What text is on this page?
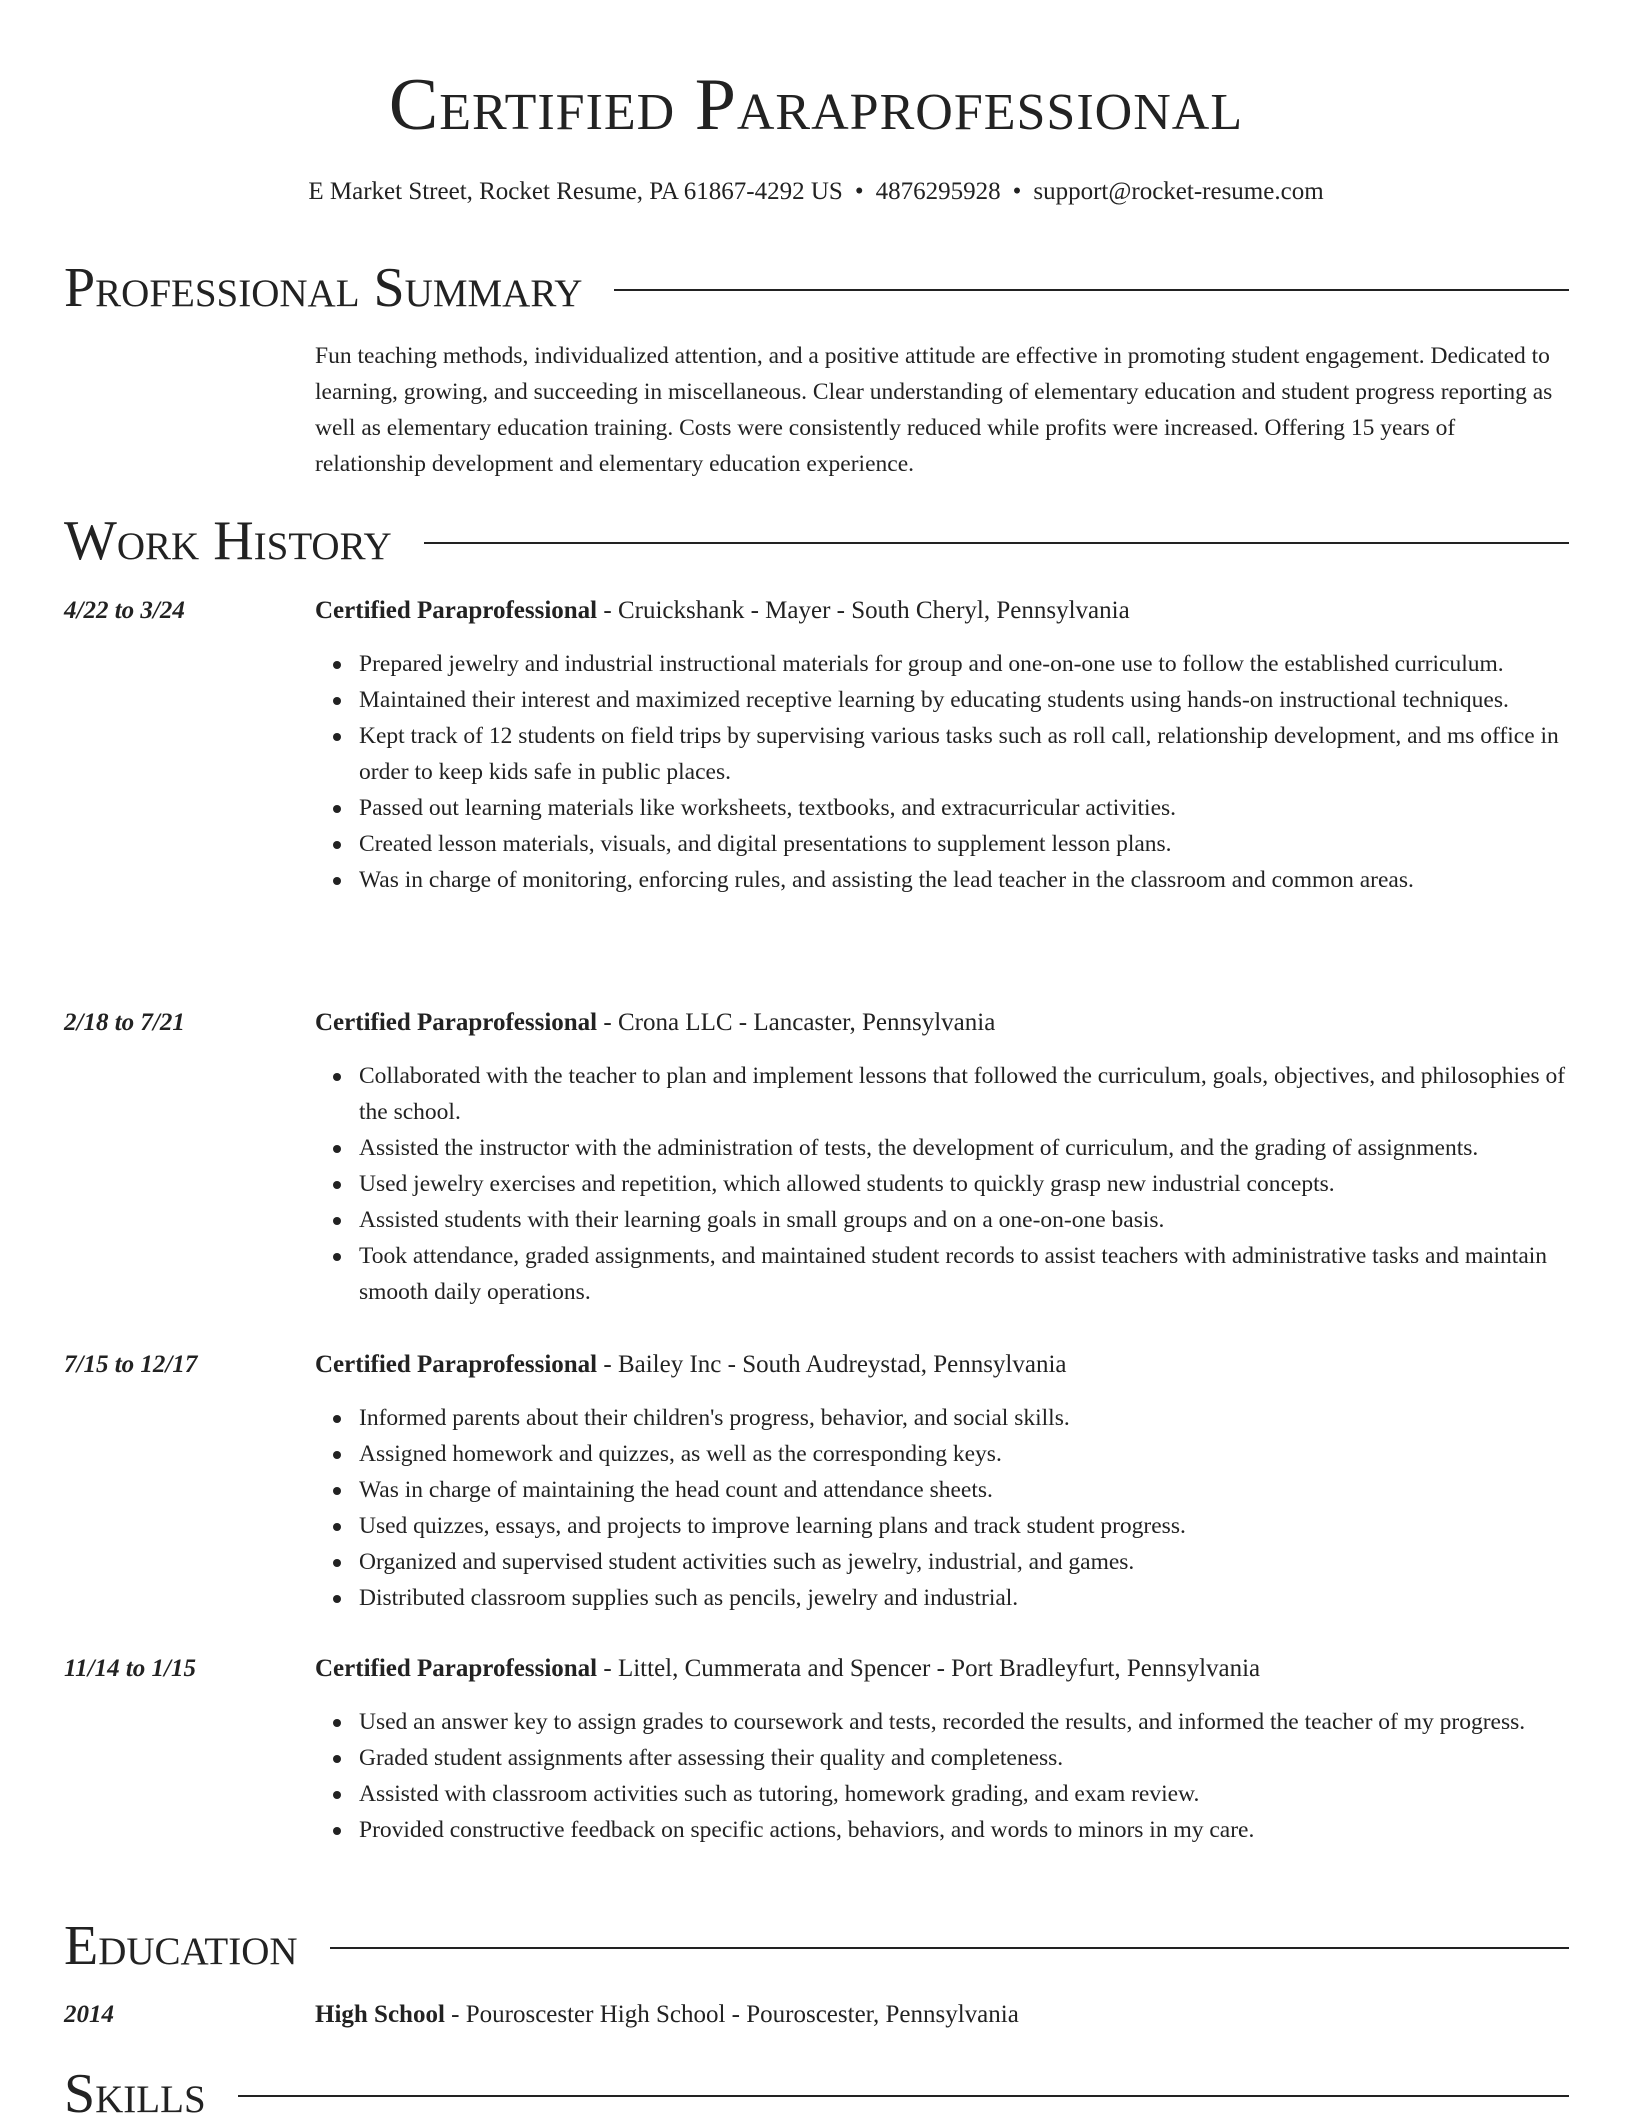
Certified Paraprofessional
E Market Street, Rocket Resume, PA 61867-4292 US • 4876295928 • support@rocket-resume.com
Professional Summary
Fun teaching methods, individualized attention, and a positive attitude are effective in promoting student engagement. Dedicated to learning, growing, and succeeding in miscellaneous. Clear understanding of elementary education and student progress reporting as well as elementary education training. Costs were consistently reduced while profits were increased. Offering 15 years of relationship development and elementary education experience.
Work History
4/22 to 3/24	Certified Paraprofessional - Cruickshank - Mayer - South Cheryl, Pennsylvania
Prepared jewelry and industrial instructional materials for group and one-on-one use to follow the established curriculum.
Maintained their interest and maximized receptive learning by educating students using hands-on instructional techniques.
Kept track of 12 students on field trips by supervising various tasks such as roll call, relationship development, and ms office in order to keep kids safe in public places.
Passed out learning materials like worksheets, textbooks, and extracurricular activities.
Created lesson materials, visuals, and digital presentations to supplement lesson plans.
Was in charge of monitoring, enforcing rules, and assisting the lead teacher in the classroom and common areas.
2/18 to 7/21	Certified Paraprofessional - Crona LLC - Lancaster, Pennsylvania
Collaborated with the teacher to plan and implement lessons that followed the curriculum, goals, objectives, and philosophies of the school.
Assisted the instructor with the administration of tests, the development of curriculum, and the grading of assignments.
Used jewelry exercises and repetition, which allowed students to quickly grasp new industrial concepts.
Assisted students with their learning goals in small groups and on a one-on-one basis.
Took attendance, graded assignments, and maintained student records to assist teachers with administrative tasks and maintain smooth daily operations.
7/15 to 12/17	Certified Paraprofessional - Bailey Inc - South Audreystad, Pennsylvania
Informed parents about their children's progress, behavior, and social skills.
Assigned homework and quizzes, as well as the corresponding keys.
Was in charge of maintaining the head count and attendance sheets.
Used quizzes, essays, and projects to improve learning plans and track student progress.
Organized and supervised student activities such as jewelry, industrial, and games.
Distributed classroom supplies such as pencils, jewelry and industrial.
11/14 to 1/15	Certified Paraprofessional - Littel, Cummerata and Spencer - Port Bradleyfurt, Pennsylvania
Used an answer key to assign grades to coursework and tests, recorded the results, and informed the teacher of my progress.
Graded student assignments after assessing their quality and completeness.
Assisted with classroom activities such as tutoring, homework grading, and exam review.
Provided constructive feedback on specific actions, behaviors, and words to minors in my care.
Education
2014	High School - Pouroscester High School - Pouroscester, Pennsylvania
Skills
